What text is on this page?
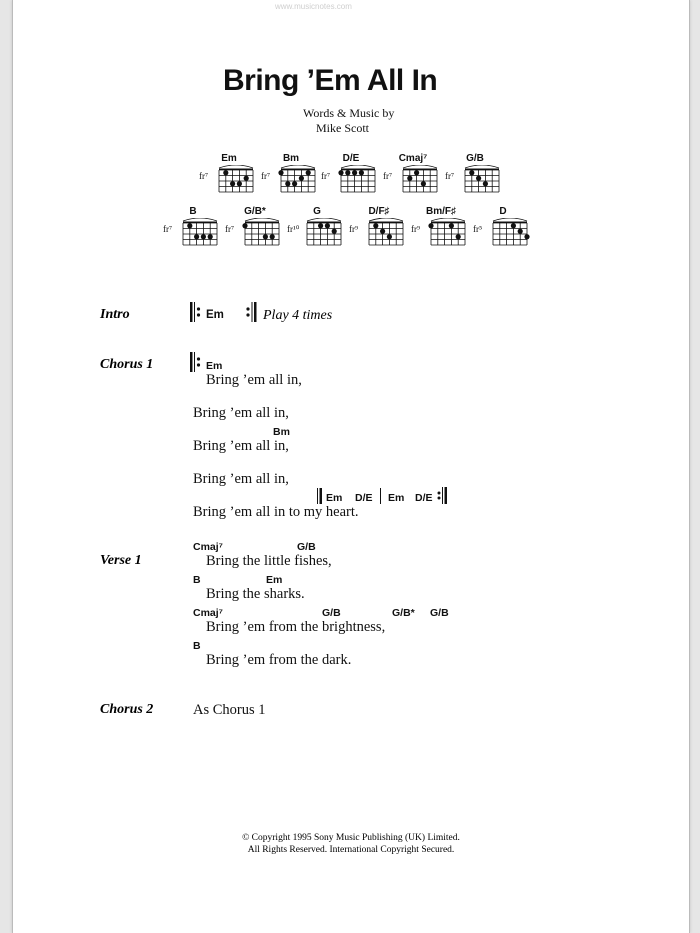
www.musicnotes.com
Bring ’Em All In
Words & Music by
Mike Scott
Em
fr⁷
Bm
fr⁷
D/E
fr⁷
Cmaj⁷
fr⁷
G/B
fr⁷
B
fr⁷
G/B*
fr⁷
G
fr¹⁰
D/F♯
fr⁹
Bm/F♯
fr⁹
D
fr⁵
Intro	Em	Play 4 times
Chorus 1	Em
Bring ’em all in,
Bring ’em all in,
Bm
Bring ’em all in,
Bring ’em all in,
Em D/E Em D/E
Bring ’em all in to my heart.
Verse 1
Cmaj⁷	G/B
Bring the little fishes,
B	Em
Bring the sharks.
Cmaj⁷	G/B	G/B* G/B
Bring ’em from the brightness,
B
Bring ’em from the dark.
Chorus 2	As Chorus 1
© Copyright 1995 Sony Music Publishing (UK) Limited.
All Rights Reserved. International Copyright Secured.
